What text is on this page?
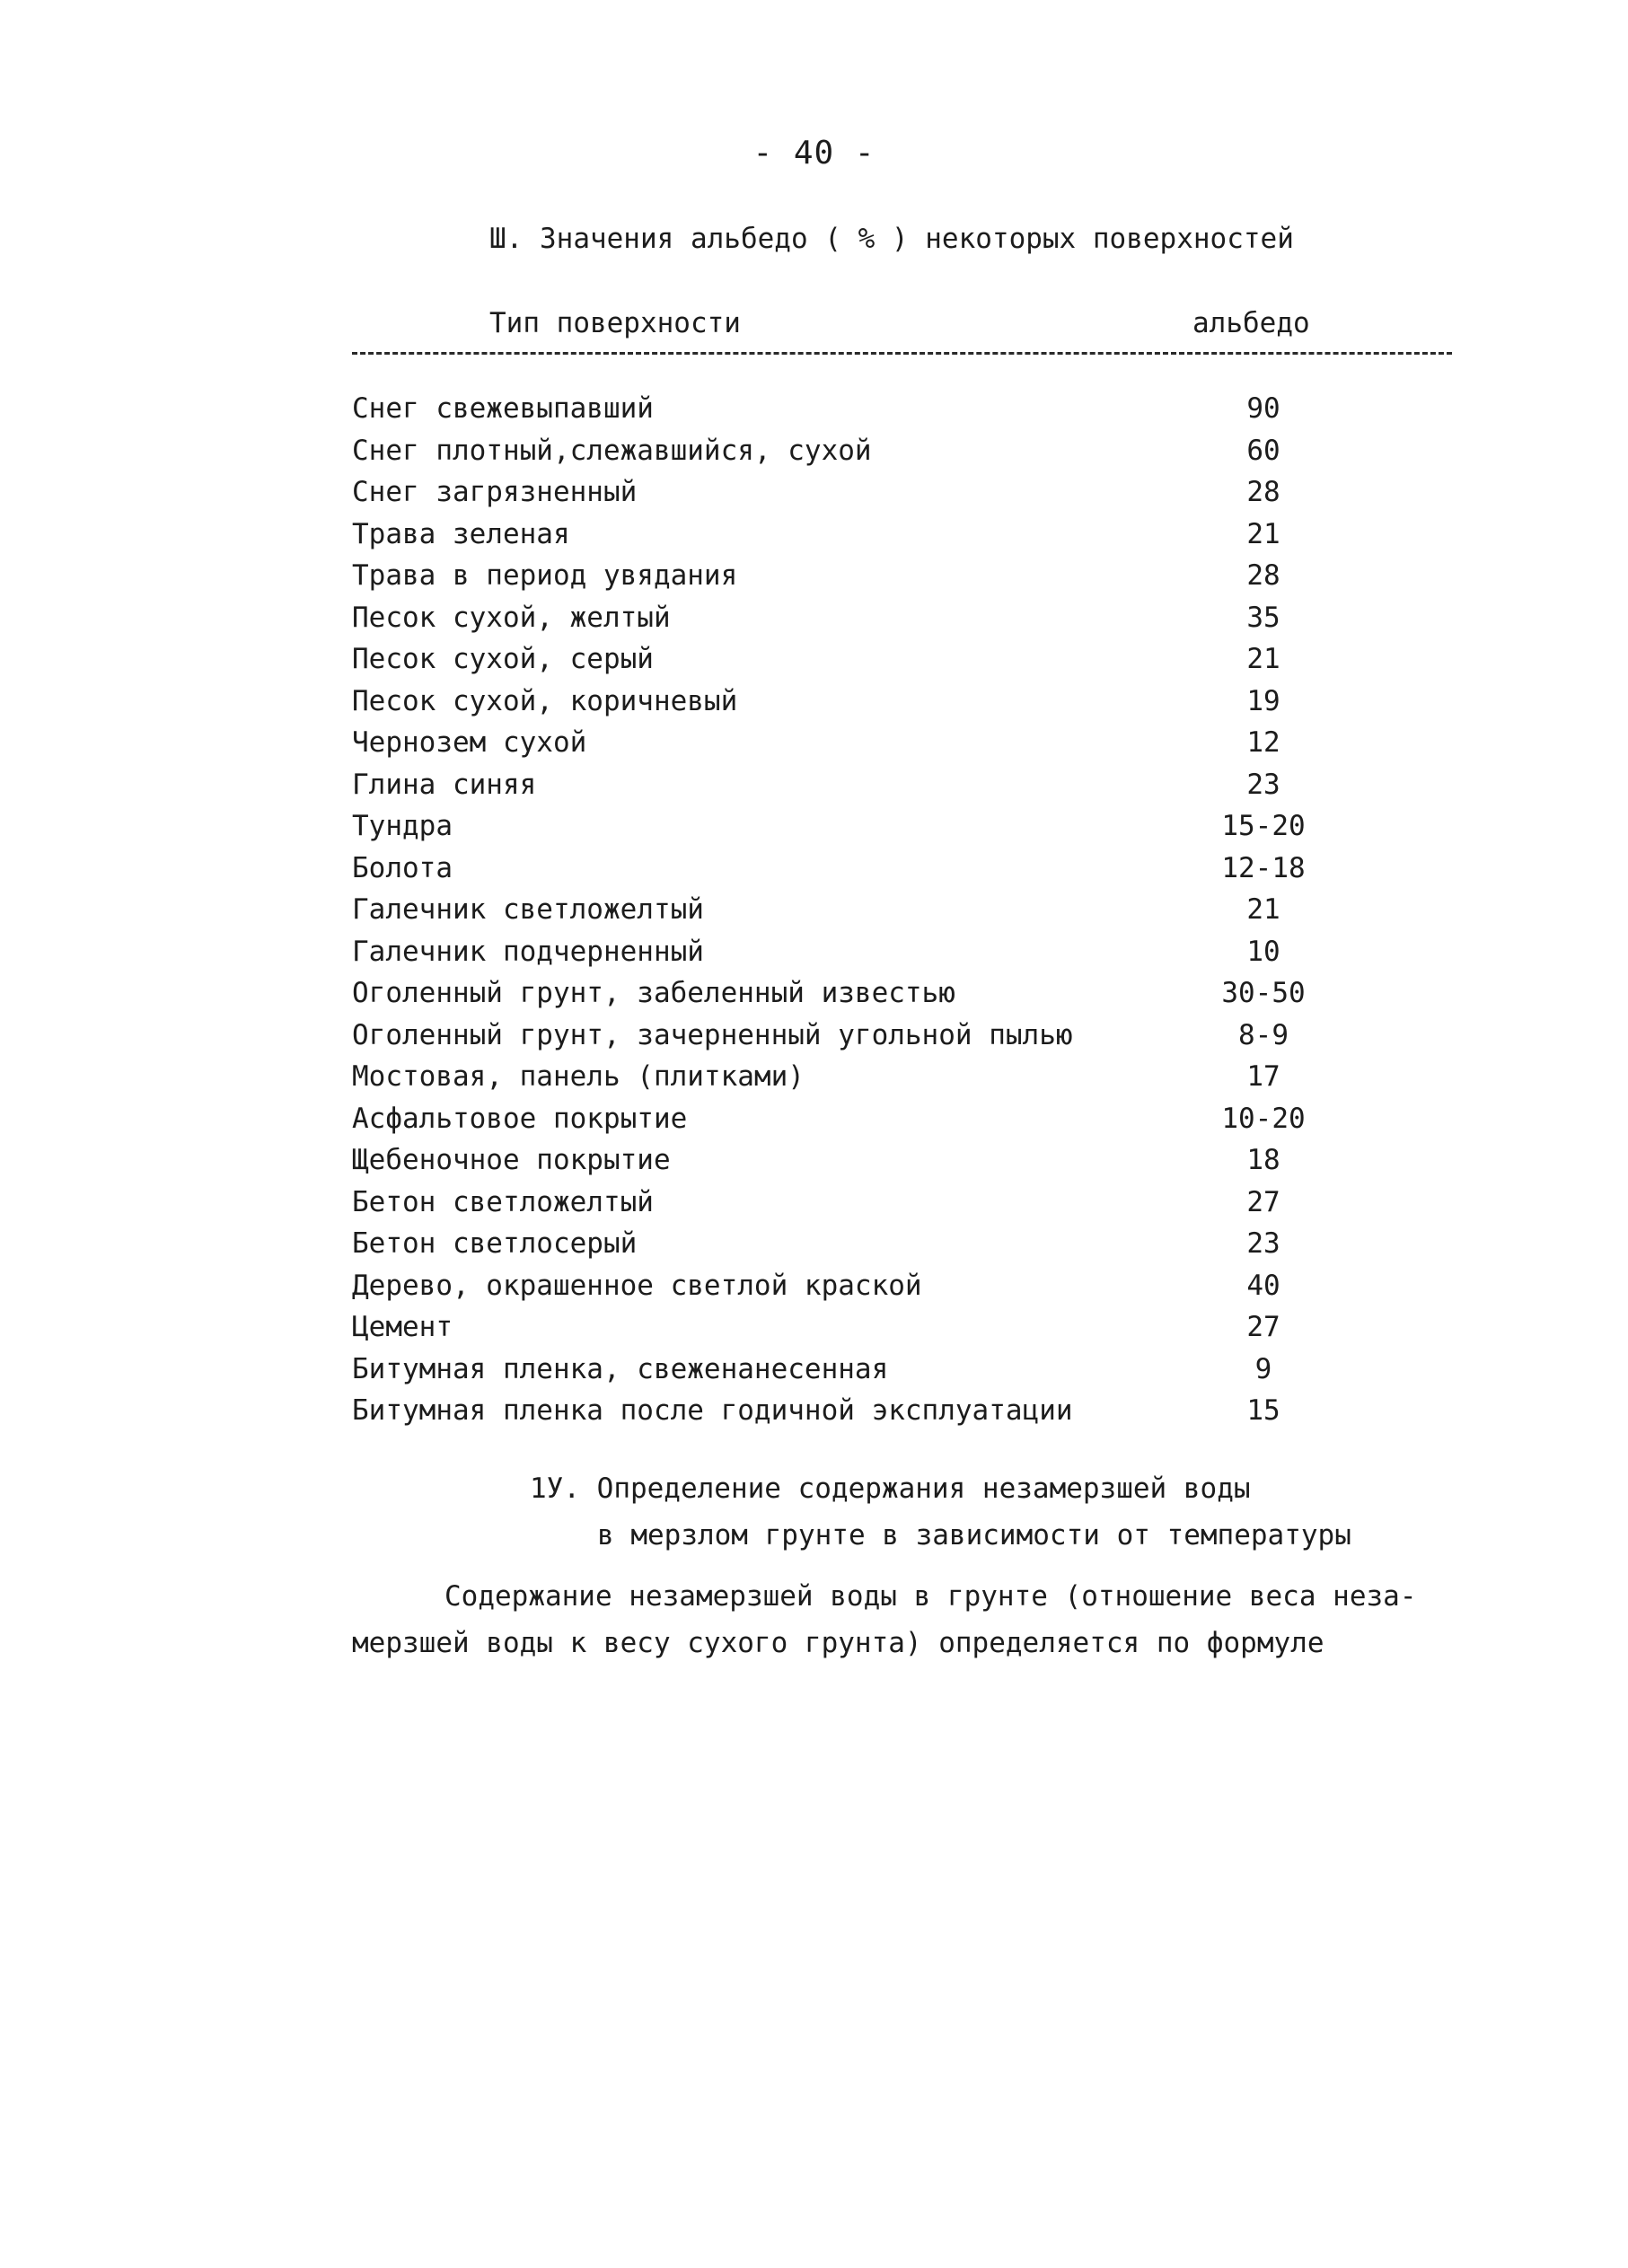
- 40 -
Ш. Значения альбедо ( % ) некоторых поверхностей
Тип поверхности	альбедо
Снег свежевыпавший	90
Снег плотный,слежавшийся, сухой	60
Снег загрязненный	28
Трава зеленая	21
Трава в период увядания	28
Песок сухой, желтый	35
Песок сухой, серый	21
Песок сухой, коричневый	19
Чернозем сухой	12
Глина синяя	23
Тундра	15-20
Болота	12-18
Галечник светложелтый	21
Галечник подчерненный	10
Оголенный грунт, забеленный известью	30-50
Оголенный грунт, зачерненный угольной пылью	8-9
Мостовая, панель (плитками)	17
Асфальтовое покрытие	10-20
Щебеночное покрытие	18
Бетон светложелтый	27
Бетон светлосерый	23
Дерево, окрашенное светлой краской	40
Цемент	27
Битумная пленка, свеженанесенная	9
Битумная пленка после годичной эксплуатации	15
1У. Определение содержания незамерзшей воды
в мерзлом грунте в зависимости от температуры
Содержание незамерзшей воды в грунте (отношение веса неза-
мерзшей воды к весу сухого грунта) определяется по формуле
